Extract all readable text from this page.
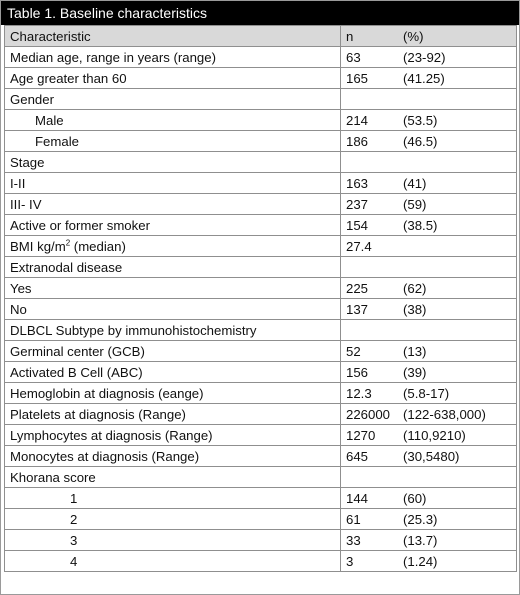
Table 1. Baseline characteristics
Characteristic	n (%)
Median age, range in years (range)	63 (23-92)
Age greater than 60	165 (41.25)
Gender	
Male	214 (53.5)
Female	186 (46.5)
Stage	
I-II	163 (41)
III- IV	237 (59)
Active or former smoker	154 (38.5)
BMI $kg/m^2$ (median)	27.4
Extranodal disease	
Yes	225 (62)
No	137 (38)
DLBCL Subtype by immunohistochemistry	
Germinal center (GCB)	52 (13)
Activated B Cell (ABC)	156 (39)
Hemoglobin at diagnosis (eange)	12.3 (5.8-17)
Platelets at diagnosis (Range)	226000 (122-638,000)
Lymphocytes at diagnosis (Range)	1270 (110,9210)
Monocytes at diagnosis (Range)	645 (30,5480)
Khorana score	
1	144 (60)
2	61 (25.3)
3	33 (13.7)
4	3 (1.24)
